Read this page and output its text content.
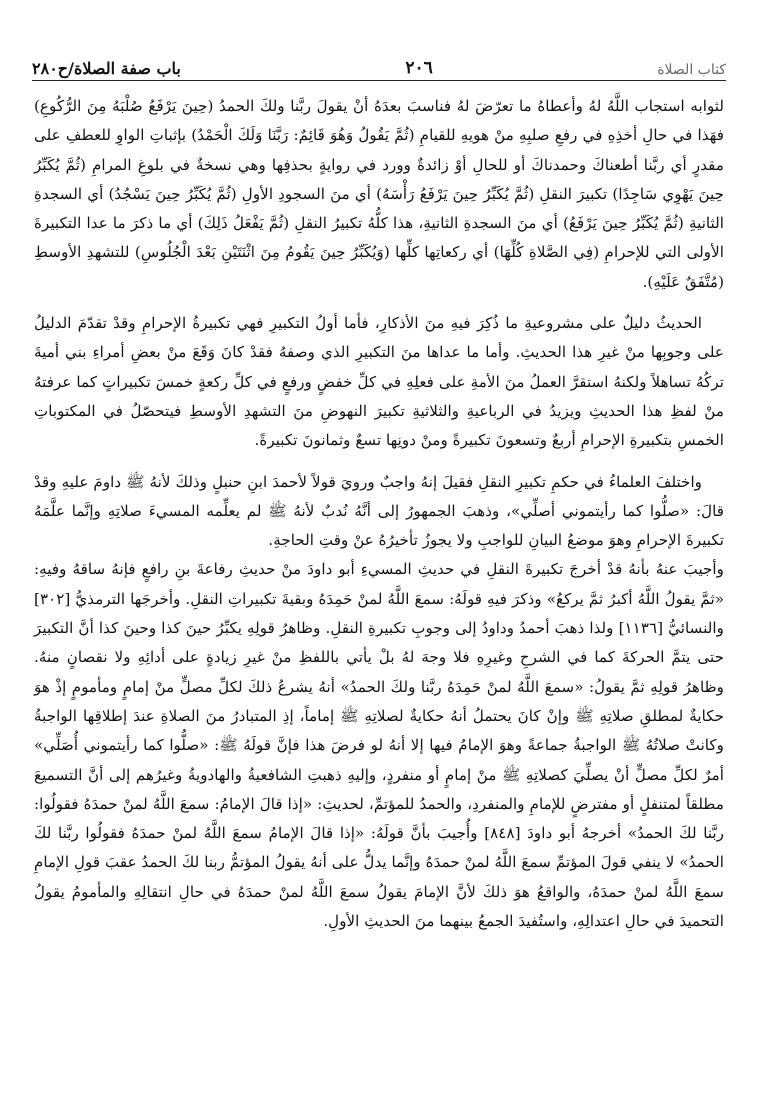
باب صفة الصلاة/ح٢٨٠	٢٠٦	كتاب الصلاة

لثوابه استجاب اللَّهُ لهُ وأعطاهُ ما تعرّضَ لهُ فناسبَ بعدَهُ أنْ يقولَ ربَّنا ولكَ الحمدُ (حِينَ يَرْفَعُ صُلْبَهُ مِنَ الرُّكُوعِ) فهَذا في حالِ أخذِهِ في رفعِ صلبِهِ منْ هويهِ للقيامِ (ثُمَّ يَقُولُ وَهُوَ قَائِمٌ: رَبَّنَا وَلَكَ الْحَمْدُ) بإثباتِ الواوِ للعطفِ على مقدرٍ أي ربَّنا أطعناكَ وحمدناكَ أو للحالِ أوْ زائدةٌ وورد في روايةٍ بحذفِها وهي نسخةٌ في بلوغِ المرامِ (ثُمَّ يُكَبِّرُ حِينَ يَهْوِي سَاجِدًا) تكبيرَ النقلِ (ثُمَّ يُكَبِّرُ حِينَ يَرْفَعُ رَأْسَهُ) أي منَ السجودِ الأولِ (ثُمَّ يُكَبِّرُ حِينَ يَسْجُدُ) أي السجدةِ الثانيةِ (ثُمَّ يُكَبِّرُ حِينَ يَرْفَعُ) أي منَ السجدةِ الثانيةِ، هذا كلُّهُ تكبيرُ النقلِ (ثُمَّ يَفْعَلُ ذَلِكَ) أي ما ذكرَ ما عدا التكبيرةَ الأولى التي للإحرامِ (فِي الصَّلاةِ كُلِّهَا) أي ركعاتِها كلِّها (وَيُكَبِّرُ حِينَ يَقُومُ مِنَ اثْنَتَيْنِ بَعْدَ الْجُلُوسِ) للتشهدِ الأوسطِ (مُتَّفَقٌ عَلَيْهِ).

الحديثُ دليلٌ على مشروعيةِ ما ذُكِرَ فيهِ منَ الأذكارِ، فأما أولُ التكبيرِ فهي تكبيرةُ الإحرامِ وقدْ تقدّمَ الدليلُ على وجوبِها منْ غيرِ هذا الحديثِ. وأما ما عداها منَ التكبيرِ الذي وصفهُ فقدْ كانَ وَقَعَ منْ بعضِ أمراءِ بني أميةَ تركُهُ تساهلاً ولكنهُ استقرَّ العملُ منَ الأمةِ على فعلِهِ في كلِّ خفضٍ ورفعٍ في كلِّ ركعةٍ خمسَ تكبيراتٍ كما عرفتهُ منْ لفظِ هذا الحديثِ ويزيدُ في الرباعيةِ والثلاثيةِ تكبيرَ النهوضِ منَ التشهدِ الأوسطِ فيتحصّلُ في المكتوباتِ الخمسِ بتكبيرةِ الإحرامِ أربعٌ وتسعونَ تكبيرةً ومنْ دونِها تسعٌ وثمانونَ تكبيرةً.

واختلفَ العلماءُ في حكمِ تكبيرِ النقلِ فقيلَ إنهُ واجبٌ ورويَ قولاً لأحمدَ ابنِ حنبلٍ وذلكَ لأنهُ ﷺ داومَ عليهِ وقدْ قالَ: «صلُّوا كما رأيتموني أصلِّي»، وذهبَ الجمهورُ إلى أنَّهُ نُدبٌ لأنهُ ﷺ لم يعلِّمه المسيءَ صلاتِهِ وإنَّما علَّمَهُ تكبيرةَ الإحرامِ وهوَ موضعُ البيانِ للواجبِ ولا يجوزُ تأخيرُهُ عنْ وقتِ الحاجةِ.

وأجيبَ عنهُ بأنهُ قدْ أخرجَ تكبيرةَ النقلِ في حديثِ المسيءِ أبو داودَ منْ حديثِ رفاعةَ بنِ رافعٍ فإنهُ ساقهُ وفيهِ: «ثمَّ يقولُ اللَّهُ أكبرُ ثمَّ يركعُ» وذكرَ فيهِ قولَهُ: سمعَ اللَّهُ لمنْ حَمِدَهُ وبقيةَ تكبيراتِ النقلِ. وأخرجَها الترمذيُّ [٣٠٢] والنسائيُّ [١١٣٦] ولذا ذهبَ أحمدُ وداودُ إلى وجوبِ تكبيرةِ النقلِ. وظاهرُ قولِهِ يكبِّرُ حينَ كذا وحينَ كذا أنَّ التكبيرَ حتى يتمَّ الحركةَ كما في الشرحِ وغيرِهِ فلا وجهَ لهُ بلْ يأتي باللفظِ منْ غيرِ زيادةٍ على أدائِهِ ولا نقصانٍ منهُ. وظاهرُ قولِهِ ثمَّ يقولُ: «سمعَ اللَّهُ لمنْ حَمِدَهُ ربَّنا ولكَ الحمدُ» أنهُ يشرعُ ذلكَ لكلِّ مصلٍّ منْ إمامٍ ومأمومٍ إذْ هوَ حكايةٌ لمطلقِ صلاتِهِ ﷺ وإنْ كانَ يحتملُ أنهُ حكايةٌ لصلاتِهِ ﷺ إماماً، إذِ المتبادرُ منَ الصلاةِ عندَ إطلاقِها الواجبةُ وكانتْ صلاتُهُ ﷺ الواجبةُ جماعةً وهوَ الإمامُ فيها إلا أنهُ لو فرضَ هذا فإنَّ قولَهُ ﷺ: «صلُّوا كما رأيتموني أُصَلِّي» أمرٌ لكلِّ مصلٍّ أنْ يصلِّيَ كصلاتِهِ ﷺ منْ إمامٍ أو منفردٍ، وإليهِ ذهبتِ الشافعيةُ والهادويةُ وغيرُهم إلى أنَّ التسميعَ مطلقاً لمتنفلٍ أو مفترضٍ للإمامِ والمنفردِ، والحمدُ للمؤتمِّ، لحديثِ: «إذا قالَ الإمامُ: سمعَ اللَّهُ لمنْ حمدَهُ فقولُوا: ربَّنا لكَ الحمدُ» أخرجهُ أبو داودَ [٨٤٨] وأُجيبَ بأنَّ قولَهُ: «إذا قالَ الإمامُ سمعَ اللَّهُ لمنْ حمدَهُ فقولُوا ربَّنا لكَ الحمدُ» لا ينفي قولَ المؤتمِّ سمعَ اللَّهُ لمنْ حمدَهُ وإنَّما يدلُّ على أنهُ يقولُ المؤتمُّ ربنا لكَ الحمدُ عقبَ قولِ الإمامِ سمعَ اللَّهُ لمنْ حمدَهُ، والواقعُ هوَ ذلكَ لأنَّ الإمامَ يقولُ سمعَ اللَّهُ لمنْ حمدَهُ في حالِ انتقالِهِ والمأمومُ يقولُ التحميدَ في حالِ اعتدالِهِ، واستُفيدَ الجمعُ بينهما منَ الحديثِ الأولِ.
